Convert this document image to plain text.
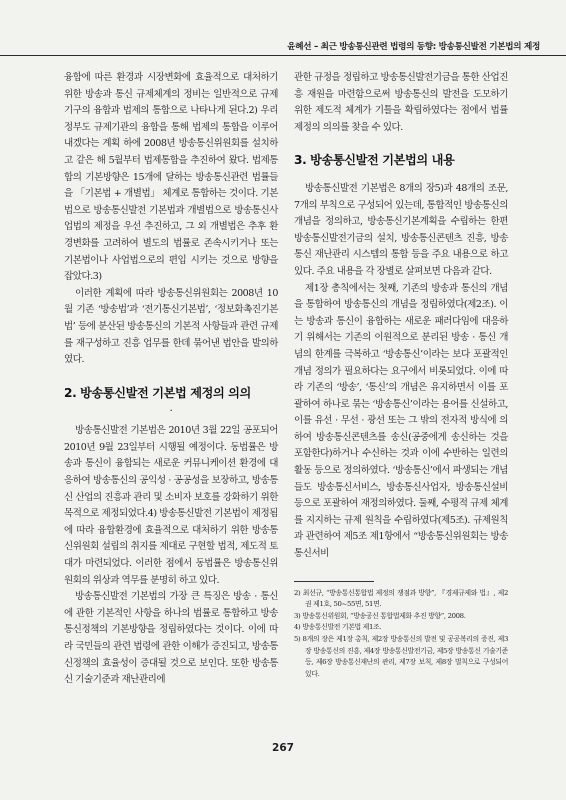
윤혜선 – 최근 방송통신관련 법령의 동향: 방송통신발전 기본법의 제정

융합에 따른 환경과 시장변화에 효율적으로 대처하기 위한 방송과 통신 규제체계의 정비는 일반적으로 규제기구의 융합과 법제의 통합으로 나타나게 된다.2) 우리 정부도 규제기관의 융합을 통해 법제의 통합을 이루어내겠다는 계획 하에 2008년 방송통신위원회를 설치하고 같은 해 5월부터 법제통합을 추진하여 왔다. 법제통합의 기본방향은 15개에 달하는 방송통신관련 법률들을 「기본법 + 개별법」 체계로 통합하는 것이다. 기본법으로 방송통신발전 기본법과 개별법으로 방송통신사업법의 제정을 우선 추진하고, 그 외 개별법은 추후 환경변화를 고려하여 별도의 법률로 존속시키거나 또는 기본법이나 사업법으로의 편입 시키는 것으로 방향을 잡았다.3)

이러한 계획에 따라 방송통신위원회는 2008년 10월 기존 ‘방송법’과 ‘전기통신기본법’, ‘정보화촉진기본법’ 등에 분산된 방송통신의 기본적 사항들과 관련 규제를 재구성하고 진흥 업무를 한데 묶어낸 법안을 발의하였다.

2. 방송통신발전 기본법 제정의 의의
·

방송통신발전 기본법은 2010년 3월 22일 공포되어 2010년 9월 23일부터 시행될 예정이다. 동법률은 방송과 통신이 융합되는 새로운 커뮤니케이션 환경에 대응하여 방송통신의 공익성 · 공공성을 보장하고, 방송통신 산업의 진흥과 관리 및 소비자 보호를 강화하기 위한 목적으로 제정되었다.4) 방송통신발전 기본법이 제정됨에 따라 융합환경에 효율적으로 대처하기 위한 방송통신위원회 설립의 취지를 제대로 구현할 법적, 제도적 토대가 마련되었다. 이러한 점에서 동법률은 방송통신위원회의 위상과 역무를 분명히 하고 있다.

방송통신발전 기본법의 가장 큰 특징은 방송 · 통신에 관한 기본적인 사항을 하나의 법률로 통합하고 방송통신정책의 기본방향을 정립하였다는 것이다. 이에 따라 국민들의 관련 법령에 관한 이해가 증진되고, 방송통신정책의 효율성이 증대될 것으로 보인다. 또한 방송통신 기술기준과 재난관리에

관한 규정을 정립하고 방송통신발전기금을 통한 산업진흥 재원을 마련함으로써 방송통신의 발전을 도모하기 위한 제도적 체계가 기틀을 확립하였다는 점에서 법률 제정의 의의를 찾을 수 있다.

3. 방송통신발전 기본법의 내용

방송통신발전 기본법은 8개의 장5)과 48개의 조문, 7개의 부칙으로 구성되어 있는데, 통합적인 방송통신의 개념을 정의하고, 방송통신기본계획을 수립하는 한편 방송통신발전기금의 설치, 방송통신콘텐츠 진흥, 방송통신 재난관리 시스템의 통합 등을 주요 내용으로 하고 있다. 주요 내용을 각 장별로 살펴보면 다음과 같다.

제1장 총칙에서는 첫째, 기존의 방송과 통신의 개념을 통합하여 방송통신의 개념을 정립하였다(제2조). 이는 방송과 통신이 융합하는 새로운 패러다임에 대응하기 위해서는 기존의 이원적으로 분리된 방송 · 통신 개념의 한계를 극복하고 ‘방송통신’이라는 보다 포괄적인 개념 정의가 필요하다는 요구에서 비롯되었다. 이에 따라 기존의 ‘방송’, ‘통신’의 개념은 유지하면서 이를 포괄하여 하나로 묶는 ‘방송통신’이라는 용어를 신설하고, 이를 유선 · 무선 · 광선 또는 그 밖의 전자적 방식에 의하여 방송통신콘텐츠를 송신(공중에게 송신하는 것을 포함한다)하거나 수신하는 것과 이에 수반하는 일련의 활동 등으로 정의하였다. ‘방송통신’에서 파생되는 개념들도 방송통신서비스, 방송통신사업자, 방송통신설비 등으로 포괄하여 재정의하였다. 둘째, 수평적 규제 체계를 지지하는 규제 원칙을 수립하였다(제5조). 규제원칙과 관련하여 제5조 제1항에서 “방송통신위원회는 방송통신서비

2) 최선규, “방송통신통합법 제정의 쟁점과 방향”, 『경제규제와 법』, 제2권 제1호, 50~55면, 51면.
3) 방송통신위원회, “방송공신 통합법제화 추진 방향”, 2008.
4) 방송통신발전 기본법 제1조.
5) 8개의 장은 제1장 총칙, 제2장 방송통신의 발전 및 공공복리의 증진, 제3장 방송통신의 진흥, 제4장 방송통신발전기금, 제5장 방송통신 기술기준 등, 제6장 방송통신재난의 관리, 제7장 보칙, 제8장 벌칙으로 구성되어 있다.
267
